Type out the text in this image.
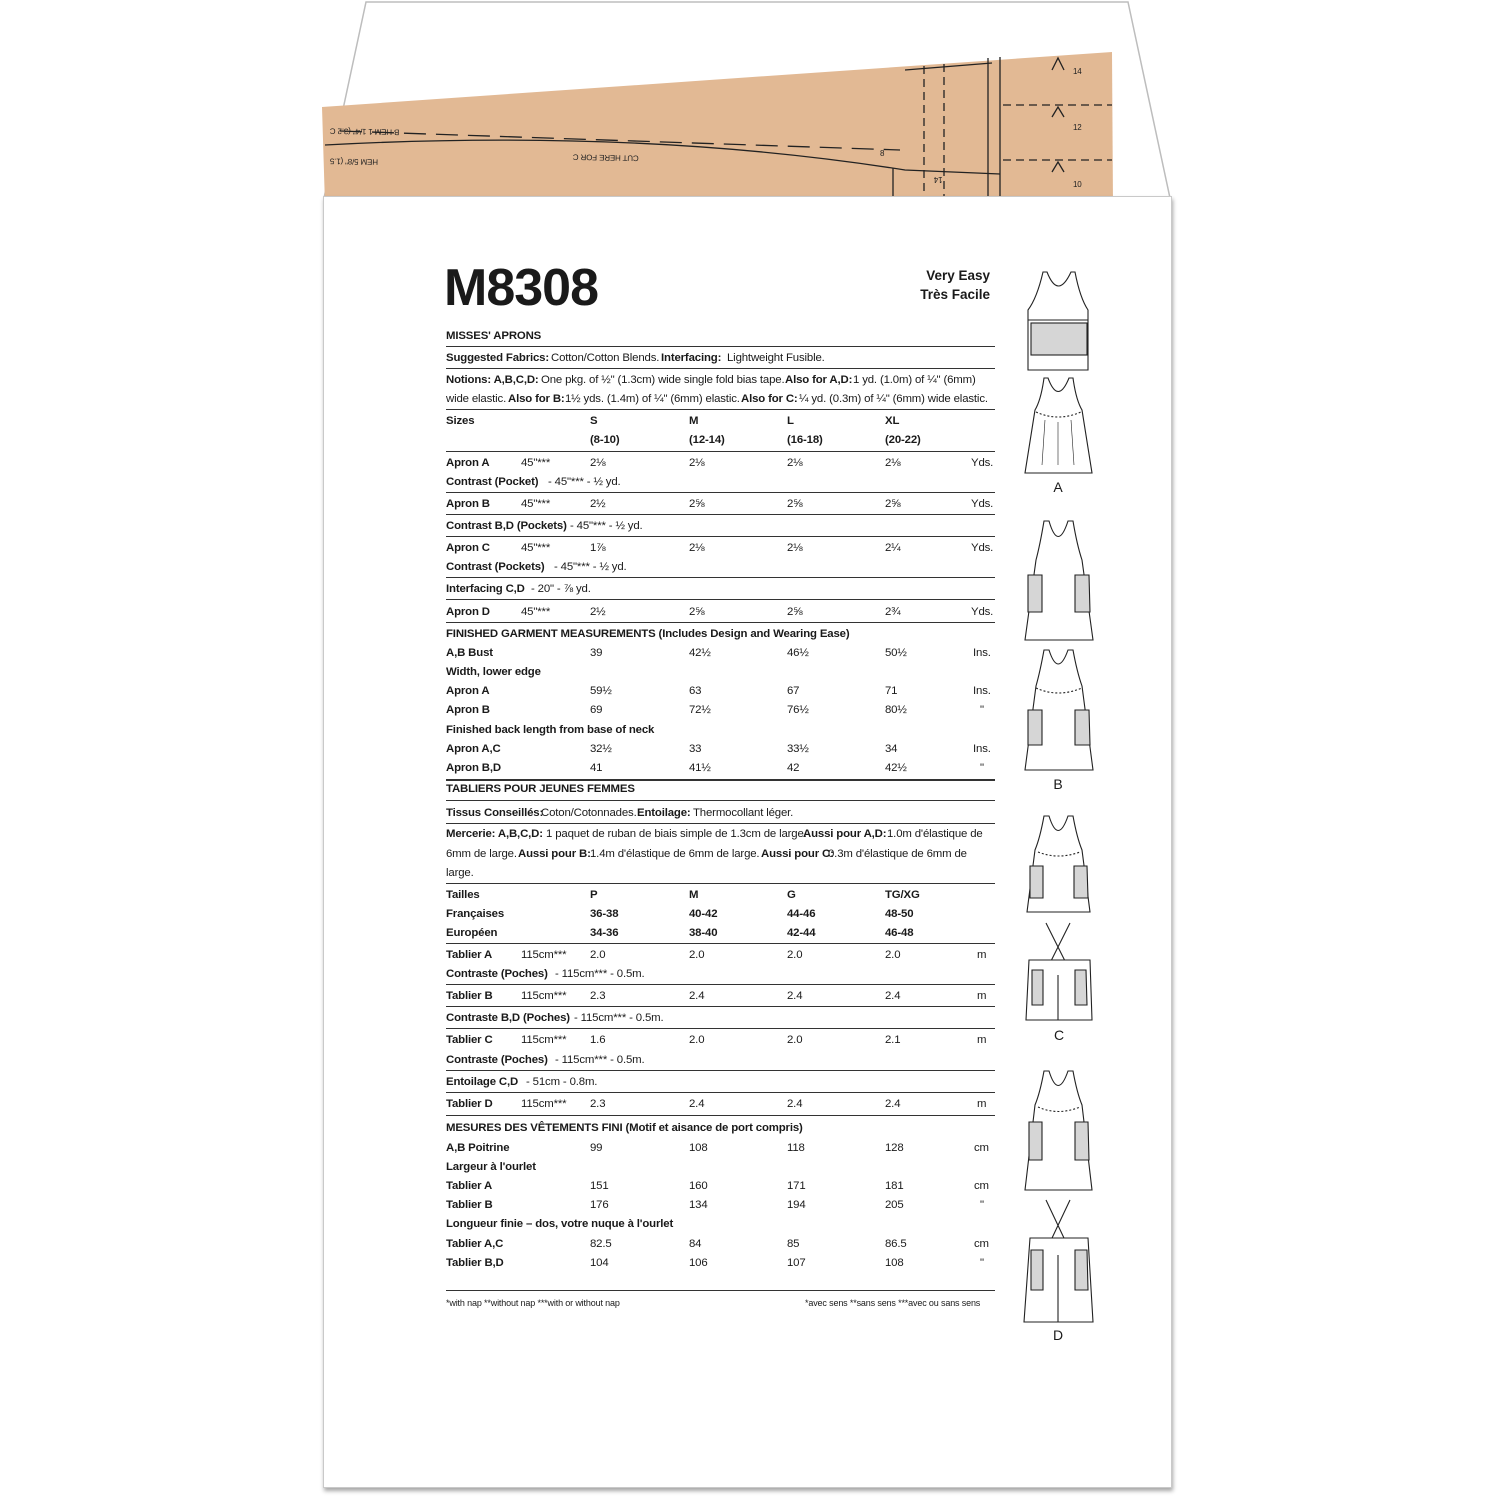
B HEM 1 1/4" (3.2 C
HEM 5/8" (1.5	CUT HERE FOR C	8
14
14
12
10
M8308	Very Easy
Très Facile
MISSES' APRONS
Suggested Fabrics: Cotton/Cotton Blends. Interfacing: Lightweight Fusible.
Notions: A,B,C,D: One pkg. of ½" (1.3cm) wide single fold bias tape. Also for A,D: 1 yd. (1.0m) of ¼" (6mm)
wide elastic. Also for B: 1½ yds. (1.4m) of ¼" (6mm) elastic. Also for C: ¼ yd. (0.3m) of ¼" (6mm) wide elastic.
Sizes	S	M	L	XL
(8-10)	(12-14)	(16-18)	(20-22)
Apron A	45"***	2⅛	2⅛	2⅛	2⅛	Yds.
Contrast (Pocket) - 45"*** - ½ yd.
Apron B	45"***	2½	2⅝	2⅝	2⅝	Yds.
Contrast B,D (Pockets) - 45"*** - ½ yd.
Apron C	45"***	1⅞	2⅛	2⅛	2¼	Yds.
Contrast (Pockets) - 45"*** - ½ yd.
Interfacing C,D - 20" - ⅞ yd.
Apron D	45"***	2½	2⅝	2⅝	2¾	Yds.
FINISHED GARMENT MEASUREMENTS (Includes Design and Wearing Ease)
A,B Bust	39	42½	46½	50½	Ins.
Width, lower edge
Apron A	59½	63	67	71	Ins.
Apron B	69	72½	76½	80½	"
Finished back length from base of neck
Apron A,C	32½	33	33½	34	Ins.
Apron B,D	41	41½	42	42½	"
TABLIERS POUR JEUNES FEMMES
Tissus Conseillés:
Coton/Cotonnades. Entoilage: Thermocollant léger.
Mercerie: A,B,C,D: 1 paquet de ruban de biais simple de 1.3cm de large.
Aussi pour A,D: 1.0m d'élastique de
6mm de large. Aussi pour B: 1.4m d'élastique de 6mm de large. Aussi pour C:
0.3m d'élastique de 6mm de
large.
Tailles	P	M	G	TG/XG
Françaises	36-38	40-42	44-46	48-50
Européen	34-36	38-40	42-44	46-48
Tablier A	115cm*** 2.0	2.0	2.0	2.0	m
Contraste (Poches) - 115cm*** - 0.5m.
Tablier B 115cm*** 2.3	2.4	2.4	2.4	m
Contraste B,D (Poches) - 115cm*** - 0.5m.
Tablier C 115cm*** 1.6	2.0	2.0	2.1	m
Contraste (Poches) - 115cm*** - 0.5m.
Entoilage C,D - 51cm - 0.8m.
Tablier D 115cm*** 2.3	2.4	2.4	2.4	m
MESURES DES VÊTEMENTS FINI (Motif et aisance de port compris)
A,B Poitrine	99	108	118	128	cm
Largeur à l'ourlet
Tablier A	151	160	171	181	cm
Tablier B	176	134	194	205	"
Longueur finie – dos, votre nuque à l'ourlet
Tablier A,C	82.5	84	85	86.5	cm
Tablier B,D	104	106	107	108	"
*with nap **without nap ***with or without nap	*avec sens **sans sens ***avec ou sans sens
A
B
C
D
